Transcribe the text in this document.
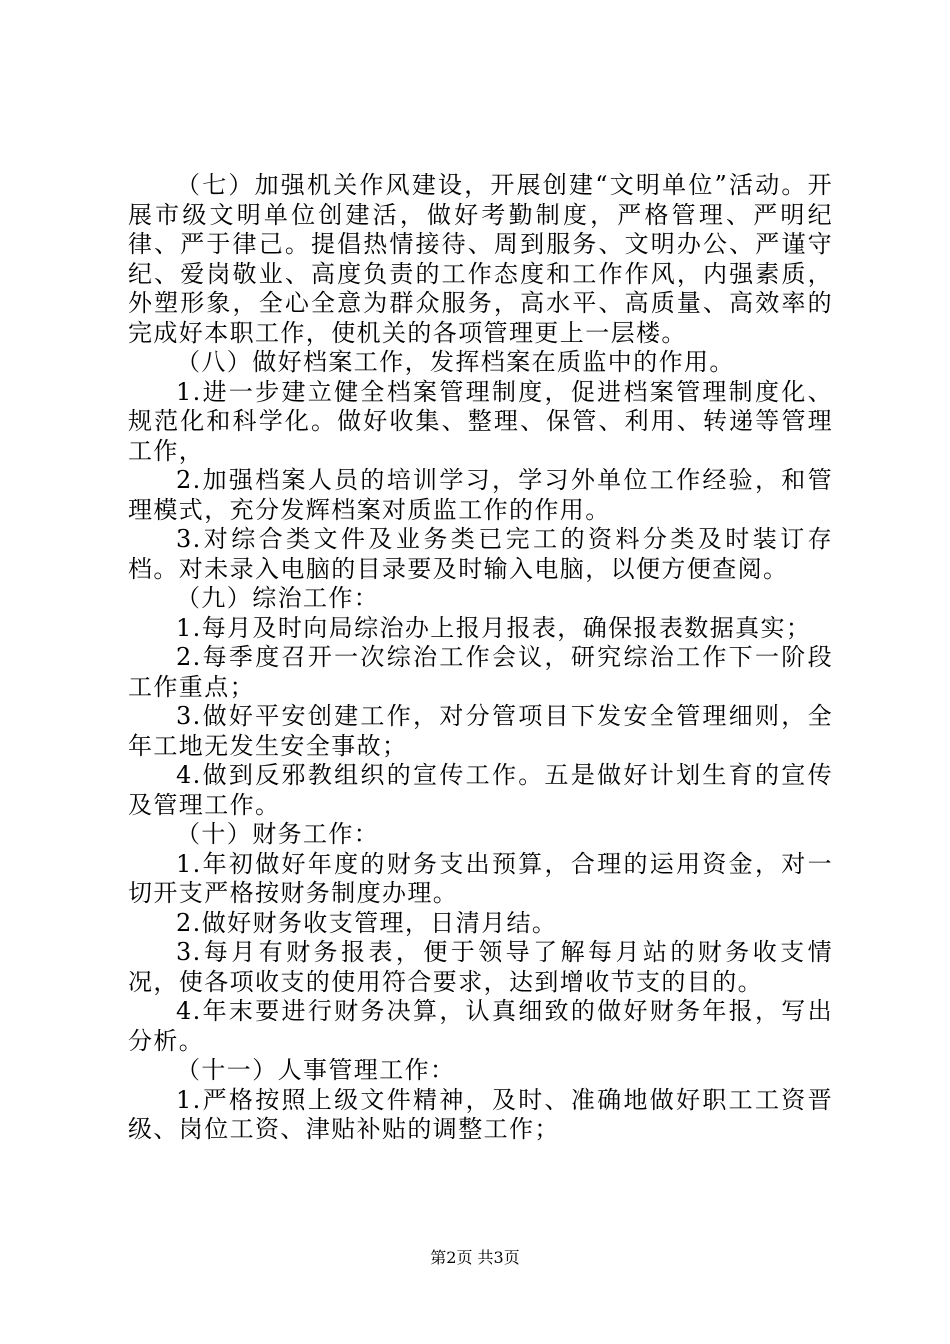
（七）加强机关作风建设，开展创建“文明单位”活动。开展市级文明单位创建活，做好考勤制度，严格管理、严明纪律、严于律己。提倡热情接待、周到服务、文明办公、严谨守纪、爱岗敬业、高度负责的工作态度和工作作风，内强素质，外塑形象，全心全意为群众服务，高水平、高质量、高效率的完成好本职工作，使机关的各项管理更上一层楼。

（八）做好档案工作，发挥档案在质监中的作用。

1.进一步建立健全档案管理制度，促进档案管理制度化、规范化和科学化。做好收集、整理、保管、利用、转递等管理工作，

2.加强档案人员的培训学习，学习外单位工作经验，和管理模式，充分发辉档案对质监工作的作用。

3.对综合类文件及业务类已完工的资料分类及时装订存档。对未录入电脑的目录要及时输入电脑，以便方便查阅。

（九）综治工作：

1.每月及时向局综治办上报月报表，确保报表数据真实；

2.每季度召开一次综治工作会议，研究综治工作下一阶段工作重点；

3.做好平安创建工作，对分管项目下发安全管理细则，全年工地无发生安全事故；

4.做到反邪教组织的宣传工作。五是做好计划生育的宣传及管理工作。

（十）财务工作：

1.年初做好年度的财务支出预算，合理的运用资金，对一切开支严格按财务制度办理。

2.做好财务收支管理，日清月结。

3.每月有财务报表，便于领导了解每月站的财务收支情况，使各项收支的使用符合要求，达到增收节支的目的。

4.年末要进行财务决算，认真细致的做好财务年报，写出分析。

（十一）人事管理工作：

1.严格按照上级文件精神，及时、准确地做好职工工资晋级、岗位工资、津贴补贴的调整工作；

第2页 共3页
